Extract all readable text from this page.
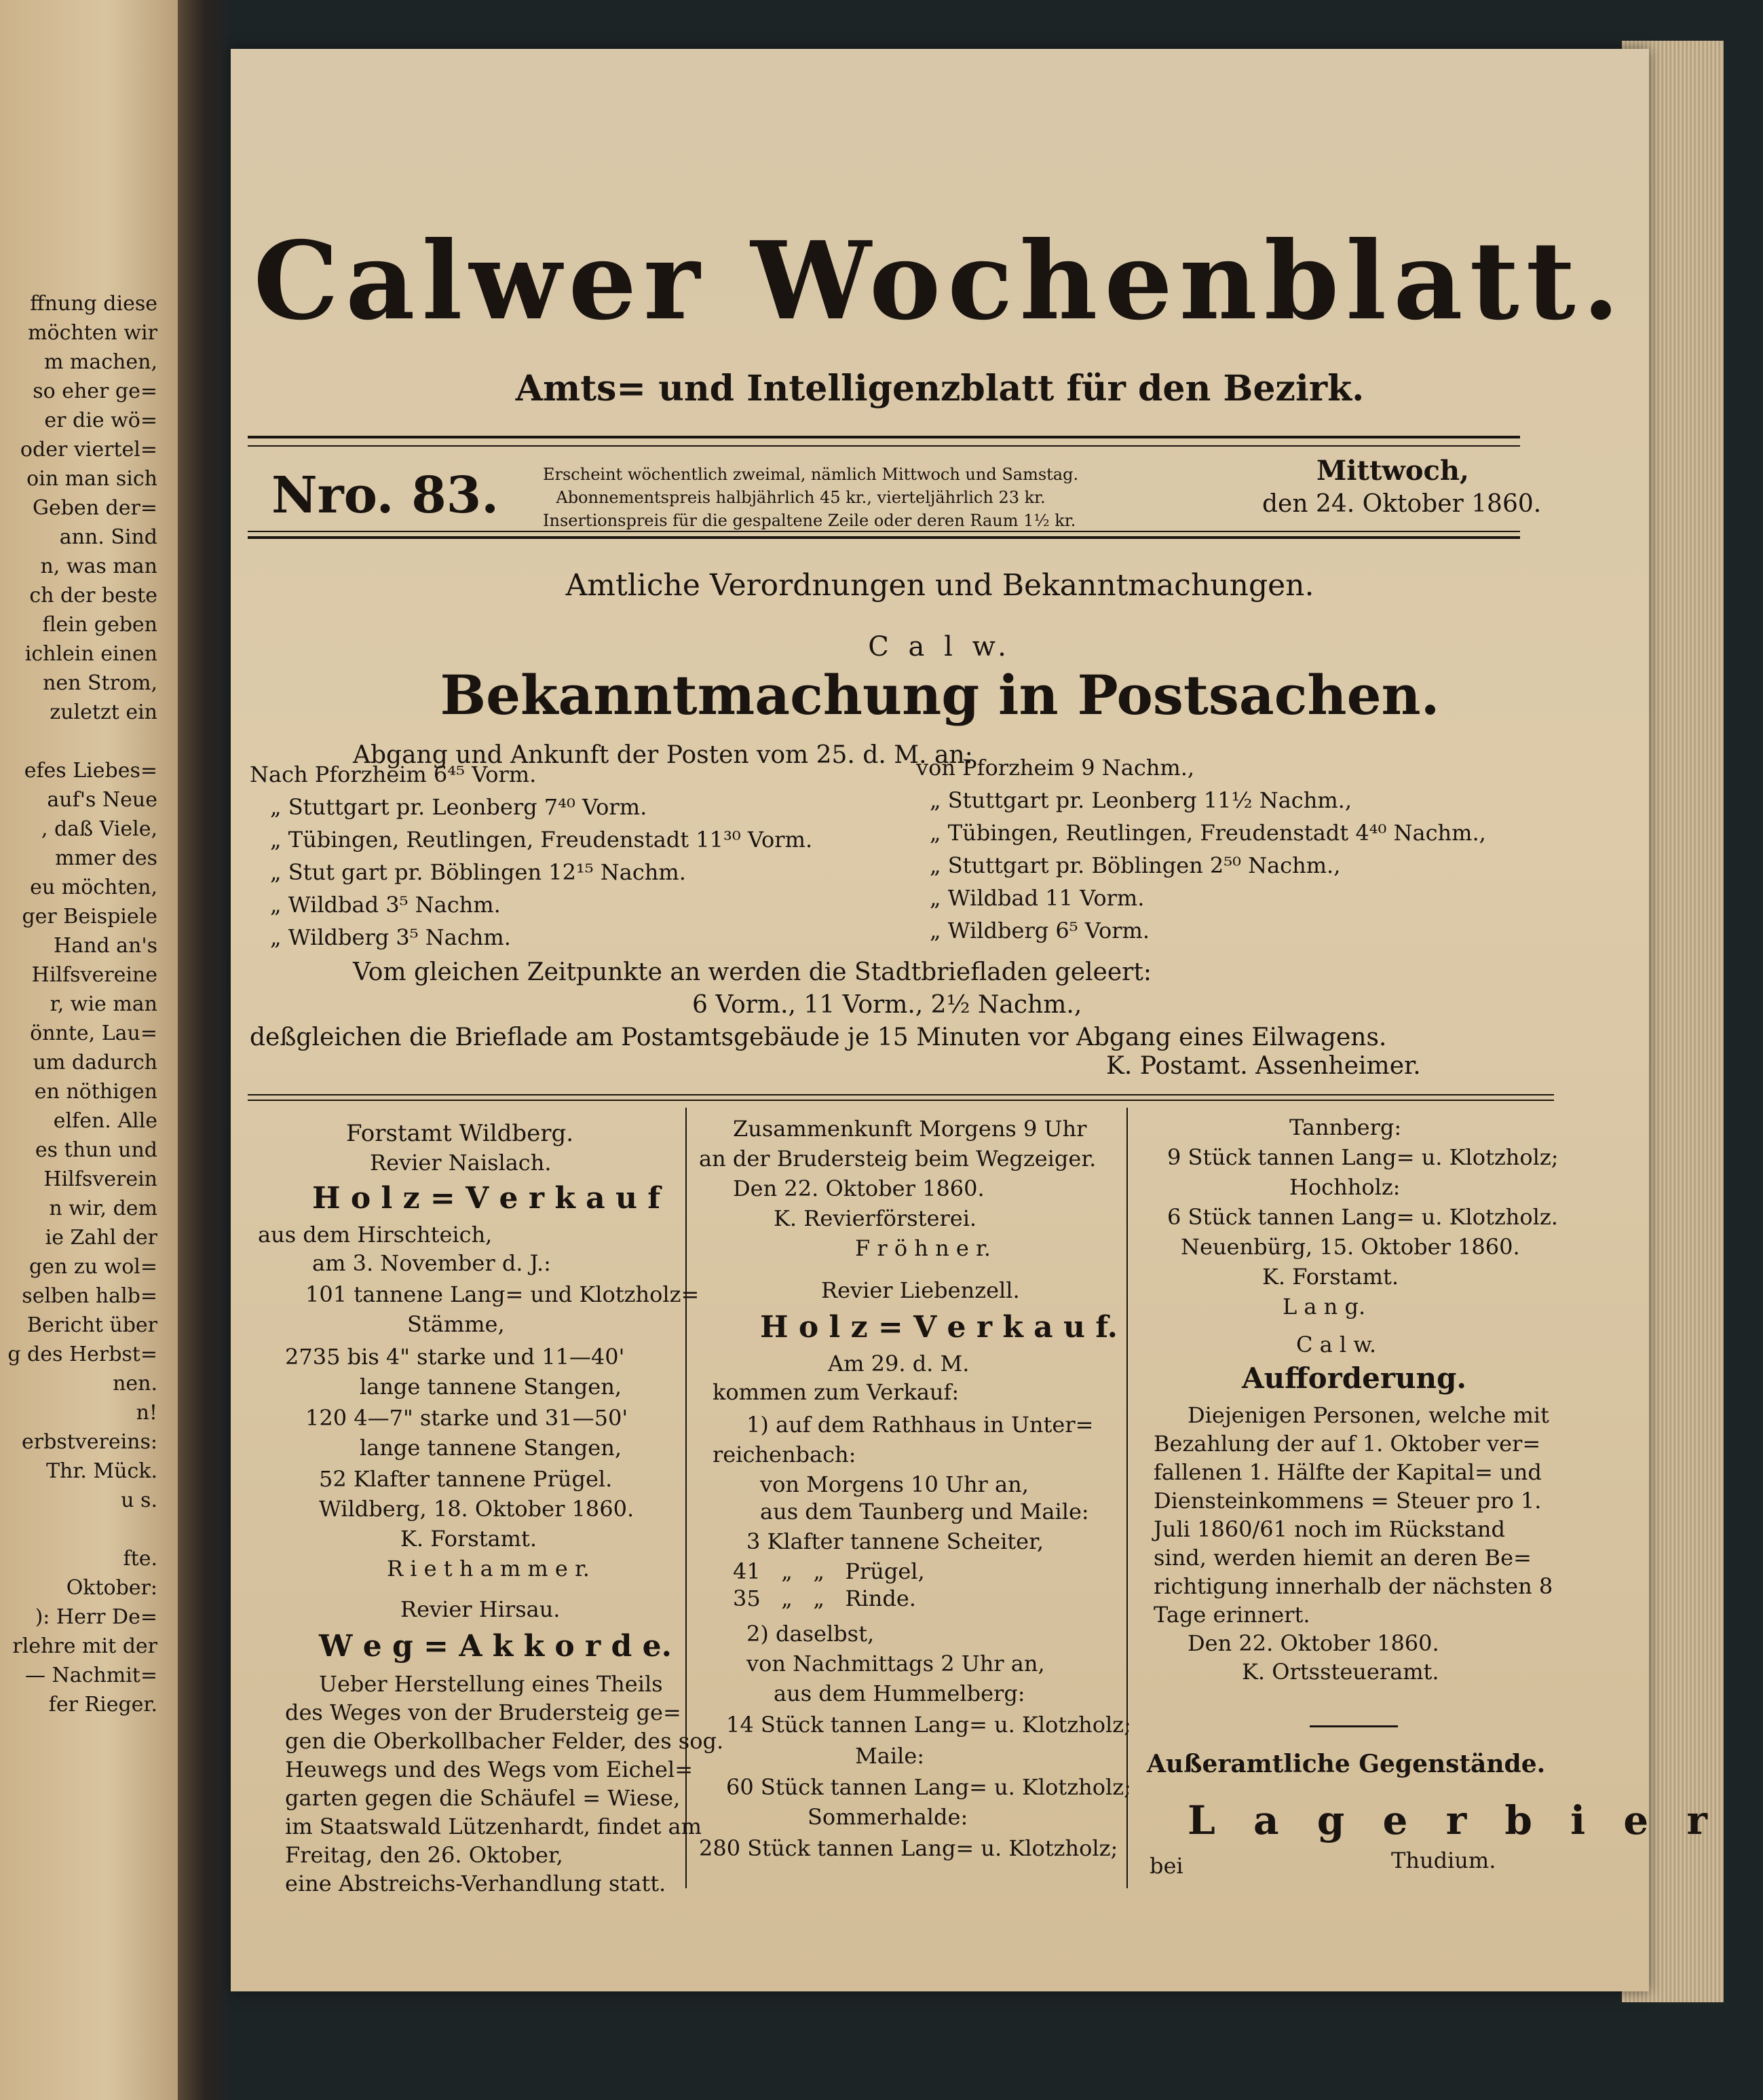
ffnung diese
möchten wir
m machen,
so eher ge=
er die wö=
oder viertel=
oin man sich
Geben der=
ann. Sind
n, was man
ch der beste
flein geben
ichlein einen
nen Strom,
zuletzt ein
efes Liebes=
auf's Neue
, daß Viele,
mmer des
eu möchten,
ger Beispiele
Hand an's
Hilfsvereine
r, wie man
önnte, Lau=
um dadurch
en nöthigen
elfen. Alle
es thun und
Hilfsverein
n wir, dem
ie Zahl der
gen zu wol=
selben halb=
Bericht über
g des Herbst=
nen.
n!
erbstvereins:
Thr. Mück.
u s.
fte.
Oktober:
): Herr De=
rlehre mit der
— Nachmit=
fer Rieger.
Calwer Wochenblatt.
Amts= und Intelligenzblatt für den Bezirk.
Nro. 83.	Erscheint wöchentlich zweimal, nämlich Mittwoch und Samstag.
Abonnementspreis halbjährlich 45 kr., vierteljährlich 23 kr.
Insertionspreis für die gespaltene Zeile oder deren Raum 1½ kr.
Mittwoch,
den 24. Oktober 1860.
Amtliche Verordnungen und Bekanntmachungen.
C a l w.
Bekanntmachung in Postsachen.
Abgang und Ankunft der Posten vom 25. d. M. an:
Nach Pforzheim 6⁴⁵ Vorm.
„ Stuttgart pr. Leonberg 7⁴⁰ Vorm.
„ Tübingen, Reutlingen, Freudenstadt 11³⁰ Vorm.
„ Stut gart pr. Böblingen 12¹⁵ Nachm.
„ Wildbad 3⁵ Nachm.
„ Wildberg 3⁵ Nachm.
von Pforzheim 9 Nachm.,
„ Stuttgart pr. Leonberg 11½ Nachm.,
„ Tübingen, Reutlingen, Freudenstadt 4⁴⁰ Nachm.,
„ Stuttgart pr. Böblingen 2⁵⁰ Nachm.,
„ Wildbad 11 Vorm.
„ Wildberg 6⁵ Vorm.
Vom gleichen Zeitpunkte an werden die Stadtbriefladen geleert:
6 Vorm., 11 Vorm., 2½ Nachm.,
deßgleichen die Brieflade am Postamtsgebäude je 15 Minuten vor Abgang eines Eilwagens.
K. Postamt. Assenheimer.
Forstamt Wildberg.
Revier Naislach.
H o l z = V e r k a u f
aus dem Hirschteich,
am 3. November d. J.:
101 tannene Lang= und Klotzholz=
Stämme,
2735 bis 4" starke und 11—40'
lange tannene Stangen,
120 4—7" starke und 31—50'
lange tannene Stangen,
52 Klafter tannene Prügel.
Wildberg, 18. Oktober 1860.
K. Forstamt.
R i e t h a m m e r.
Revier Hirsau.
W e g = A k k o r d e.
Ueber Herstellung eines Theils
des Weges von der Brudersteig ge=
gen die Oberkollbacher Felder, des sog.
Heuwegs und des Wegs vom Eichel=
garten gegen die Schäufel = Wiese,
im Staatswald Lützenhardt, findet am
Freitag, den 26. Oktober,
eine Abstreichs-Verhandlung statt.
Zusammenkunft Morgens 9 Uhr
an der Brudersteig beim Wegzeiger.
Den 22. Oktober 1860.
K. Revierförsterei.
F r ö h n e r.
Revier Liebenzell.
H o l z = V e r k a u f.
Am 29. d. M.
kommen zum Verkauf:
1) auf dem Rathhaus in Unter=
reichenbach:
von Morgens 10 Uhr an,
aus dem Taunberg und Maile:
3 Klafter tannene Scheiter,
41   „   „   Prügel,
35   „   „   Rinde.
2) daselbst,
von Nachmittags 2 Uhr an,
aus dem Hummelberg:
14 Stück tannen Lang= u. Klotzholz;
Maile:
60 Stück tannen Lang= u. Klotzholz;
Sommerhalde:
280 Stück tannen Lang= u. Klotzholz;
Tannberg:
9 Stück tannen Lang= u. Klotzholz;
Hochholz:
6 Stück tannen Lang= u. Klotzholz.
Neuenbürg, 15. Oktober 1860.
K. Forstamt.
L a n g.
C a l w.
Aufforderung.
Diejenigen Personen, welche mit
Bezahlung der auf 1. Oktober ver=
fallenen 1. Hälfte der Kapital= und
Diensteinkommens = Steuer pro 1.
Juli 1860/61 noch im Rückstand
sind, werden hiemit an deren Be=
richtigung innerhalb der nächsten 8
Tage erinnert.
Den 22. Oktober 1860.
K. Ortssteueramt.
Außeramtliche Gegenstände.
L a g e r b i e r
bei	Thudium.
